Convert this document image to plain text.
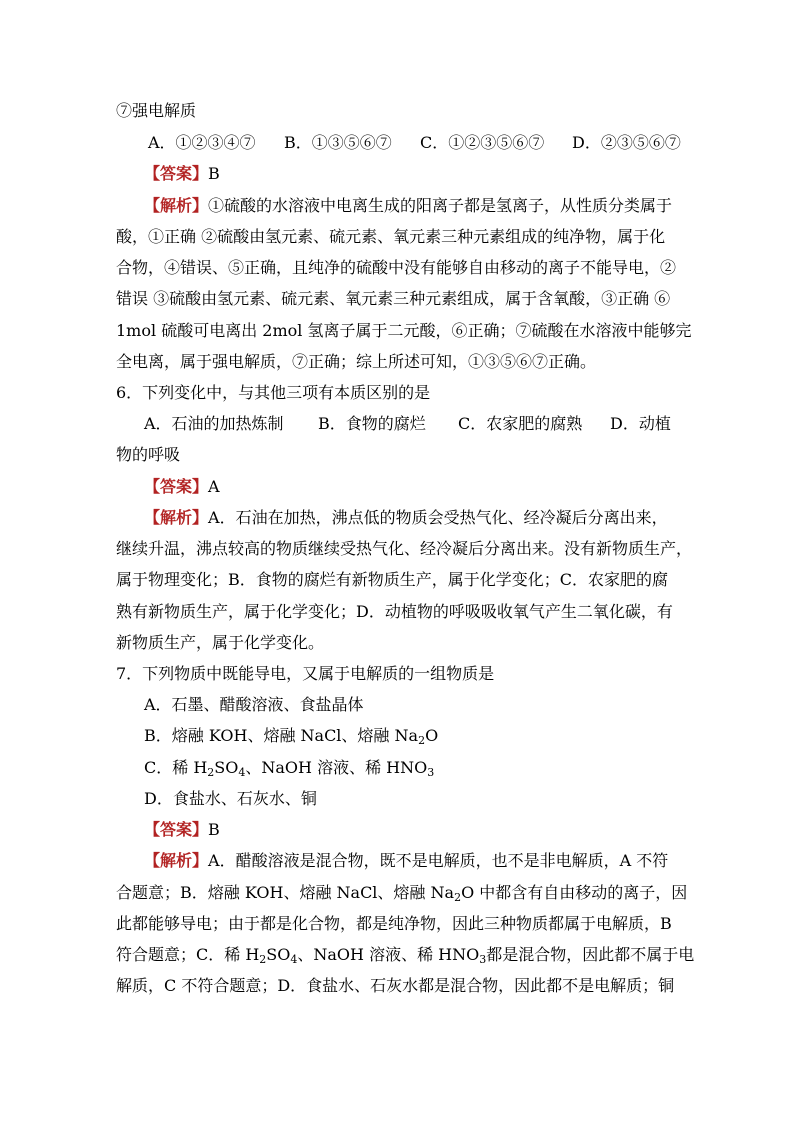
⑦强电解质
A．①②③④⑦ B．①③⑤⑥⑦ C．①②③⑤⑥⑦ D．②③⑤⑥⑦
【答案】B
【解析】①硫酸的水溶液中电离生成的阳离子都是氢离子，从性质分类属于
酸，①正确 ②硫酸由氢元素、硫元素、氧元素三种元素组成的纯净物，属于化
合物，④错误、⑤正确，且纯净的硫酸中没有能够自由移动的离子不能导电，②
错误 ③硫酸由氢元素、硫元素、氧元素三种元素组成，属于含氧酸，③正确 ⑥
1mol 硫酸可电离出 2mol 氢离子属于二元酸，⑥正确；⑦硫酸在水溶液中能够完
全电离，属于强电解质，⑦正确；综上所述可知，①③⑤⑥⑦正确。
6．下列变化中，与其他三项有本质区别的是
A．石油的加热炼制 B．食物的腐烂 C．农家肥的腐熟 D．动植
物的呼吸
【答案】A
【解析】A．石油在加热，沸点低的物质会受热气化、经冷凝后分离出来，
继续升温，沸点较高的物质继续受热气化、经冷凝后分离出来。没有新物质生产，
属于物理变化；B．食物的腐烂有新物质生产，属于化学变化；C．农家肥的腐
熟有新物质生产，属于化学变化；D．动植物的呼吸吸收氧气产生二氧化碳，有
新物质生产，属于化学变化。
7．下列物质中既能导电，又属于电解质的一组物质是
A．石墨、醋酸溶液、食盐晶体
B．熔融 KOH、熔融 NaCl、熔融 $Na_2O$
C．稀 $H_2SO_4$、NaOH 溶液、稀 $HNO_3$
D．食盐水、石灰水、铜
【答案】B
【解析】A．醋酸溶液是混合物，既不是电解质，也不是非电解质，A 不符
合题意；B．熔融 KOH、熔融 NaCl、熔融 $Na_2O$ 中都含有自由移动的离子，因
此都能够导电；由于都是化合物，都是纯净物，因此三种物质都属于电解质，B
符合题意；C．稀 $H_2SO_4$、NaOH 溶液、稀 $HNO_3$都是混合物，因此都不属于电
解质，C 不符合题意；D．食盐水、石灰水都是混合物，因此都不是电解质；铜
